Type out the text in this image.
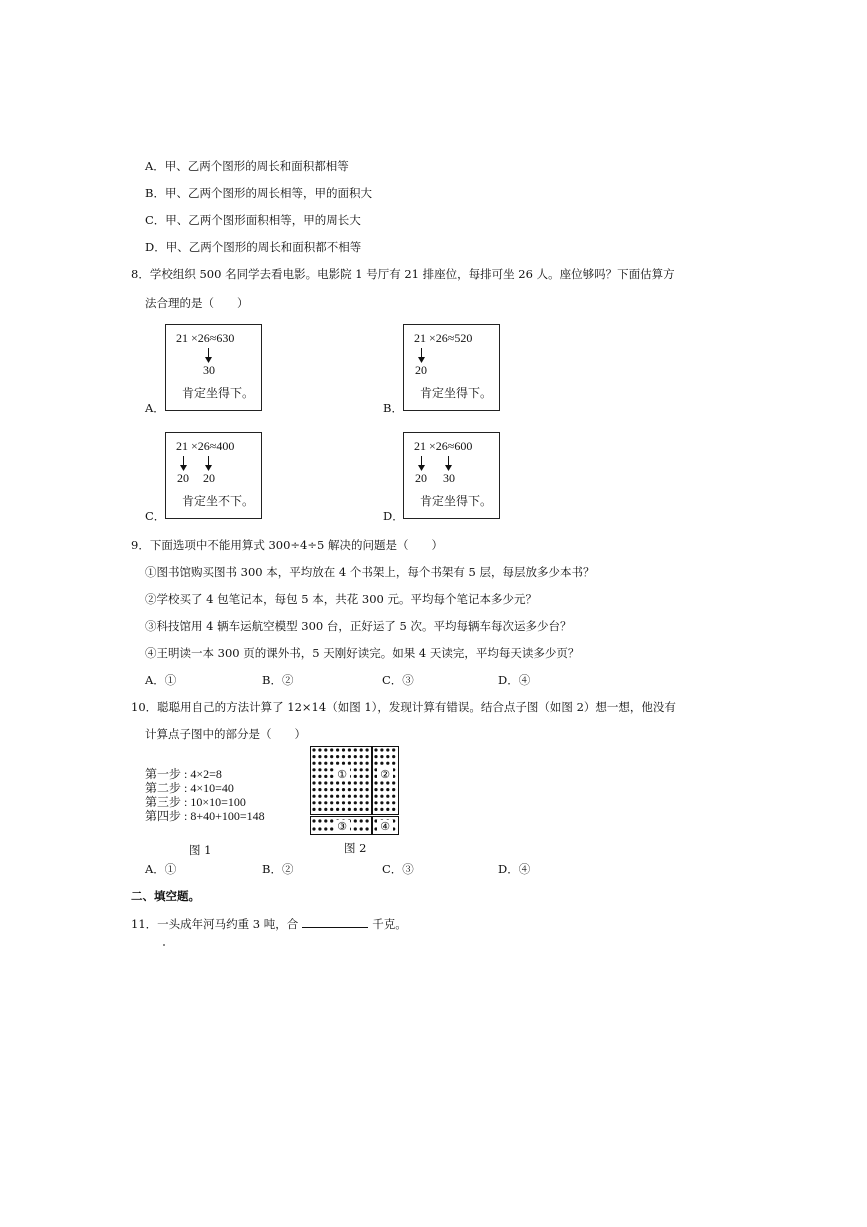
A．甲、乙两个图形的周长和面积都相等
B．甲、乙两个图形的周长相等，甲的面积大
C．甲、乙两个图形面积相等，甲的周长大
D．甲、乙两个图形的周长和面积都不相等
8．学校组织 500 名同学去看电影。电影院 1 号厅有 21 排座位，每排可坐 26 人。座位够吗？下面估算方
法合理的是（　　）
A．
21 ×26≈630
30
肯定坐得下。
B．
21 ×26≈520
20
肯定坐得下。
C．
21 ×26≈400
20 20
肯定坐不下。
D．
21 ×26≈600
20 30
肯定坐得下。
9．下面选项中不能用算式 300÷4÷5 解决的问题是（　　）
①图书馆购买图书 300 本，平均放在 4 个书架上，每个书架有 5 层，每层放多少本书？
②学校买了 4 包笔记本，每包 5 本，共花 300 元。平均每个笔记本多少元？
③科技馆用 4 辆车运航空模型 300 台，正好运了 5 次。平均每辆车每次运多少台？
④王明读一本 300 页的课外书，5 天刚好读完。如果 4 天读完，平均每天读多少页？
A．①	B．②	C．③	D．④
10．聪聪用自己的方法计算了 12×14（如图 1），发现计算有错误。结合点子图（如图 2）想一想，他没有
计算点子图中的部分是（　　）
第一步 : 4×2=8
第二步 : 4×10=40
第三步 : 10×10=100
第四步 : 8+40+100=148
图 1
①	②
③	④
图 2
A．①	B．②	C．③	D．④
二、填空题。
11．一头成年河马约重 3 吨，合	千克。
